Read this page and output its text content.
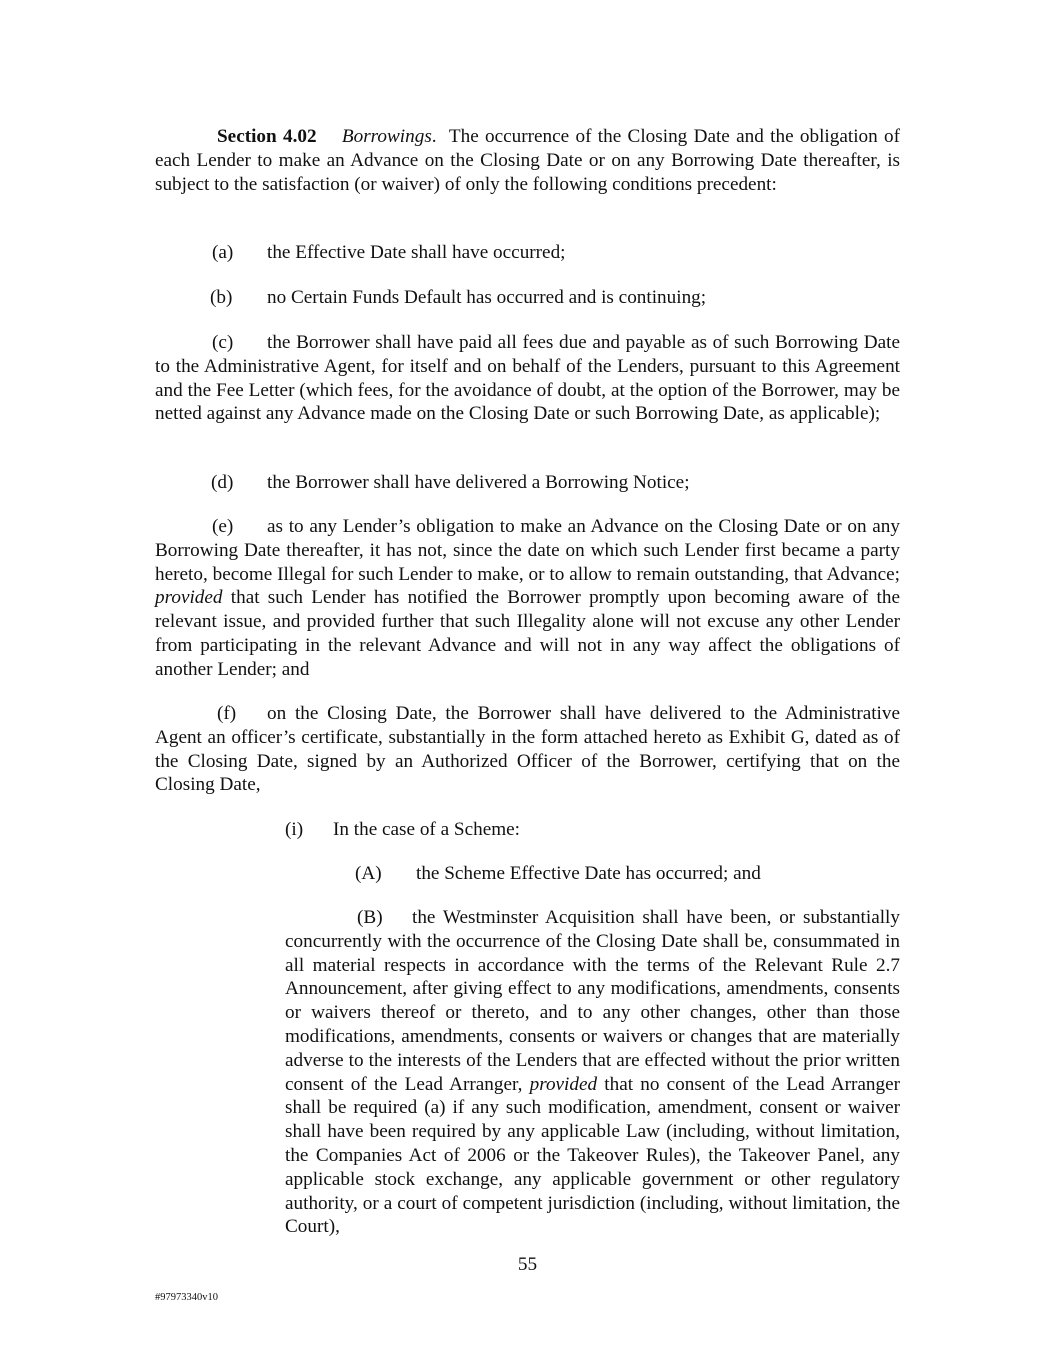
Section 4.02 Borrowings. The occurrence of the Closing Date and the obligation of each Lender to make an Advance on the Closing Date or on any Borrowing Date thereafter, is subject to the satisfaction (or waiver) of only the following conditions precedent:

(a) the Effective Date shall have occurred;

(b) no Certain Funds Default has occurred and is continuing;

(c) the Borrower shall have paid all fees due and payable as of such Borrowing Date to the Administrative Agent, for itself and on behalf of the Lenders, pursuant to this Agreement and the Fee Letter (which fees, for the avoidance of doubt, at the option of the Borrower, may be netted against any Advance made on the Closing Date or such Borrowing Date, as applicable);

(d) the Borrower shall have delivered a Borrowing Notice;

(e) as to any Lender’s obligation to make an Advance on the Closing Date or on any Borrowing Date thereafter, it has not, since the date on which such Lender first became a party hereto, become Illegal for such Lender to make, or to allow to remain outstanding, that Advance; provided that such Lender has notified the Borrower promptly upon becoming aware of the relevant issue, and provided further that such Illegality alone will not excuse any other Lender from participating in the relevant Advance and will not in any way affect the obligations of another Lender; and

(f) on the Closing Date, the Borrower shall have delivered to the Administrative Agent an officer’s certificate, substantially in the form attached hereto as Exhibit G, dated as of the Closing Date, signed by an Authorized Officer of the Borrower, certifying that on the Closing Date,

(i) In the case of a Scheme:

(A) the Scheme Effective Date has occurred; and

(B) the Westminster Acquisition shall have been, or substantially concurrently with the occurrence of the Closing Date shall be, consummated in all material respects in accordance with the terms of the Relevant Rule 2.7 Announcement, after giving effect to any modifications, amendments, consents or waivers thereof or thereto, and to any other changes, other than those modifications, amendments, consents or waivers or changes that are materially adverse to the interests of the Lenders that are effected without the prior written consent of the Lead Arranger, provided that no consent of the Lead Arranger shall be required (a) if any such modification, amendment, consent or waiver shall have been required by any applicable Law (including, without limitation, the Companies Act of 2006 or the Takeover Rules), the Takeover Panel, any applicable stock exchange, any applicable government or other regulatory authority, or a court of competent jurisdiction (including, without limitation, the Court),

55
#97973340v10
